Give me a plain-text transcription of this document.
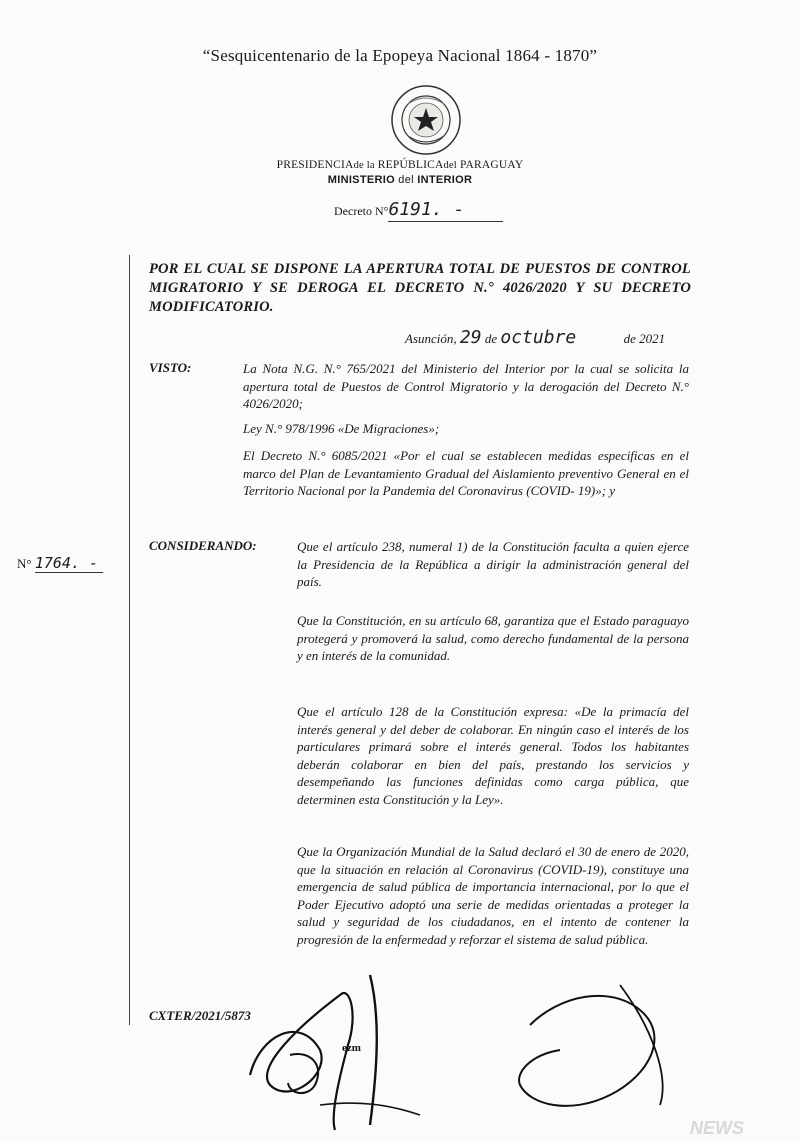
“Sesquicentenario de la Epopeya Nacional 1864 - 1870”
PRESIDENCIAde la REPÚBLICAdel PARAGUAY
MINISTERIO del INTERIOR
Decreto N°6191. -
POR EL CUAL SE DISPONE LA APERTURA TOTAL DE PUESTOS DE CONTROL MIGRATORIO Y SE DEROGA EL DECRETO N.° 4026/2020 Y SU DECRETO MODIFICATORIO.
Asunción, 29 de octubre	de 2021
VISTO:	La Nota N.G. N.° 765/2021 del Ministerio del Interior por la cual se solicita la apertura total de Puestos de Control Migratorio y la derogación del Decreto N.° 4026/2020;
Ley N.° 978/1996 «De Migraciones»;
El Decreto N.° 6085/2021 «Por el cual se establecen medidas especificas en el marco del Plan de Levantamiento Gradual del Aislamiento preventivo General en el Territorio Nacional por la Pandemia del Coronavirus (COVID- 19)»; y
N° 1764. -
CONSIDERANDO:	Que el artículo 238, numeral 1) de la Constitución faculta a quien ejerce la Presidencia de la República a dirigir la administración general del país.
Que la Constitución, en su artículo 68, garantiza que el Estado paraguayo protegerá y promoverá la salud, como derecho fundamental de la persona y en interés de la comunidad.
Que el artículo 128 de la Constitución expresa: «De la primacía del interés general y del deber de colaborar. En ningún caso el interés de los particulares primará sobre el interés general. Todos los habitantes deberán colaborar en bien del país, prestando los servicios y desempeñando las funciones definidas como carga pública, que determinen esta Constitución y la Ley».
Que la Organización Mundial de la Salud declaró el 30 de enero de 2020, que la situación en relación al Coronavirus (COVID-19), constituye una emergencia de salud pública de importancia internacional, por lo que el Poder Ejecutivo adoptó una serie de medidas orientadas a proteger la salud y seguridad de los ciudadanos, en el intento de contener la progresión de la enfermedad y reforzar el sistema de salud pública.
CXTER/2021/5873
ezm
NEWS
